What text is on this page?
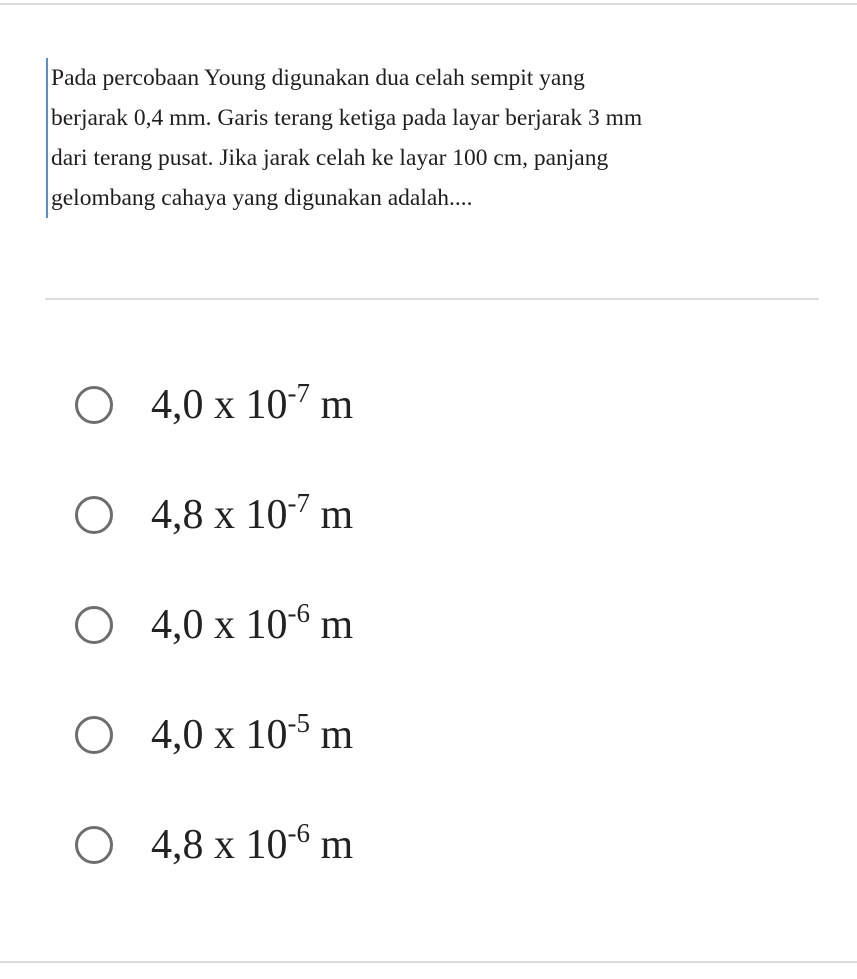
Pada percobaan Young digunakan dua celah sempit yang
berjarak 0,4 mm. Garis terang ketiga pada layar berjarak 3 mm
dari terang pusat. Jika jarak celah ke layar 100 cm, panjang
gelombang cahaya yang digunakan adalah....
4,0 x $10^{-7}$ m
4,8 x $10^{-7}$ m
4,0 x $10^{-6}$ m
4,0 x $10^{-5}$ m
4,8 x $10^{-6}$ m
